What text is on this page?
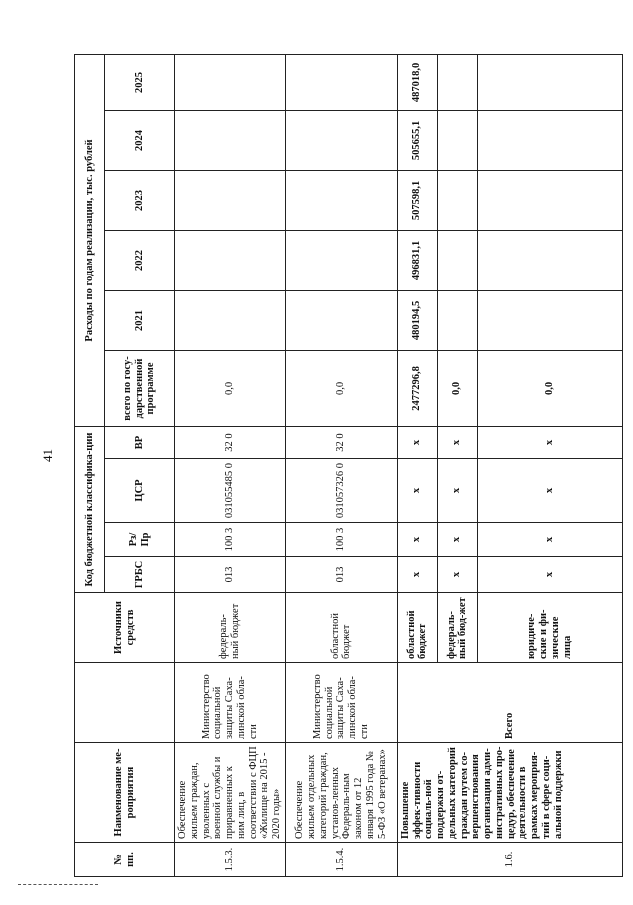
41
№ пп.	Наименование ме-роприятия		Источники средств	Код бюджетной классифика-ции				Расходы по годам реализации, тыс. рублей					
				ГРБС	Рз/ Пр	ЦСР	ВР	всего по госу-дарственной программе	2021	2022	2023	2024	2025
1.5.3.	Обеспечение жильем граждан, уволенных с военной службы и приравненных к ним лиц, в соответствии с ФЦП «Жилище на 2015 - 2020 годы»	Министерство социальной защиты Саха-линской обла-сти	федераль-ный бюджет	013	100 3	031055485 0	32 0	0,0					
1.5.4.	Обеспечение жильем отдельных категорий граждан, установ-ленных Федераль-ным законом от 12 января 1995 года № 5-ФЗ «О ветеранах»	Министерство социальной защиты Саха-линской обла-сти	областной бюджет	013	100 3	031057326 0	32 0	0,0					
1.6.	Повышение эффек-тивности социаль-ной поддержки от-дельных категорий граждан путем со-вершенствования организации адми-нистративных про-цедур, обеспечение деятельности в рамках мероприя-тий в сфере соци-альной поддержки	Всего	областной бюджет	х	х	х	х	2477296,8	480194,5	496831,1	507598,1	505655,1	487018,0
			федераль-ный бюд-жет	х	х	х	х	0,0					
			юридиче-ские и фи-зические лица	х	х	х	х	0,0					
